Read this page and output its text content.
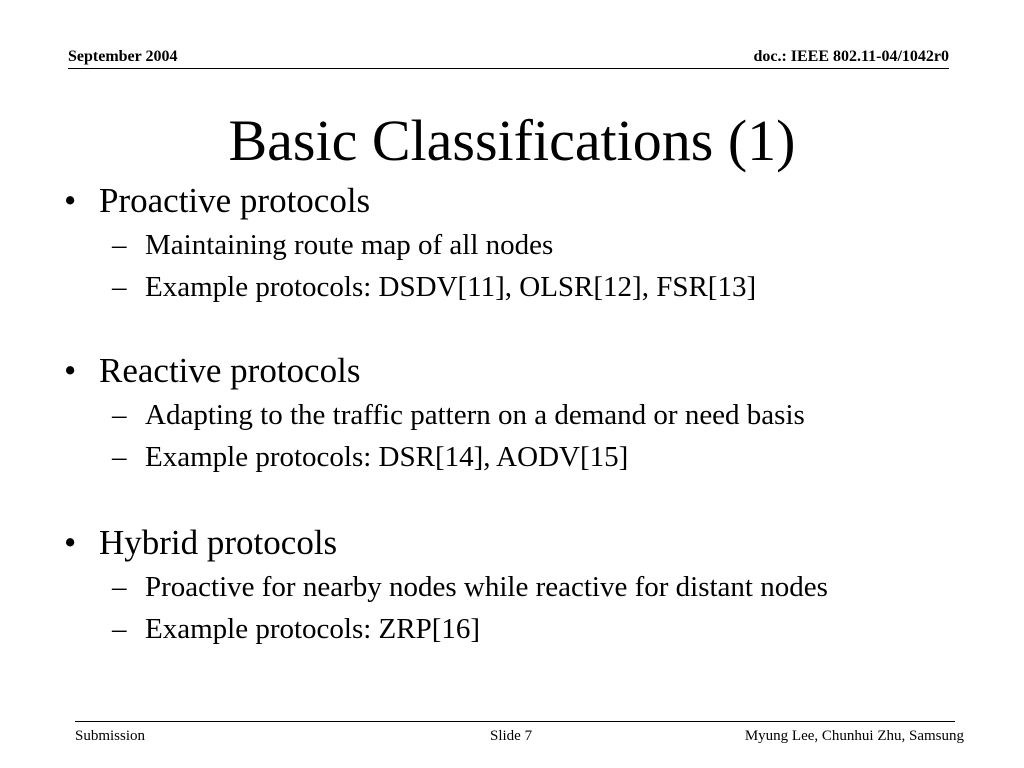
September 2004	doc.: IEEE 802.11-04/1042r0
Basic Classifications (1)
• Proactive protocols
– Maintaining route map of all nodes
– Example protocols: DSDV[11], OLSR[12], FSR[13]
• Reactive protocols
– Adapting to the traffic pattern on a demand or need basis
– Example protocols: DSR[14], AODV[15]
• Hybrid protocols
– Proactive for nearby nodes while reactive for distant nodes
– Example protocols: ZRP[16]
Submission	Slide 7	Myung Lee, Chunhui Zhu, Samsung
